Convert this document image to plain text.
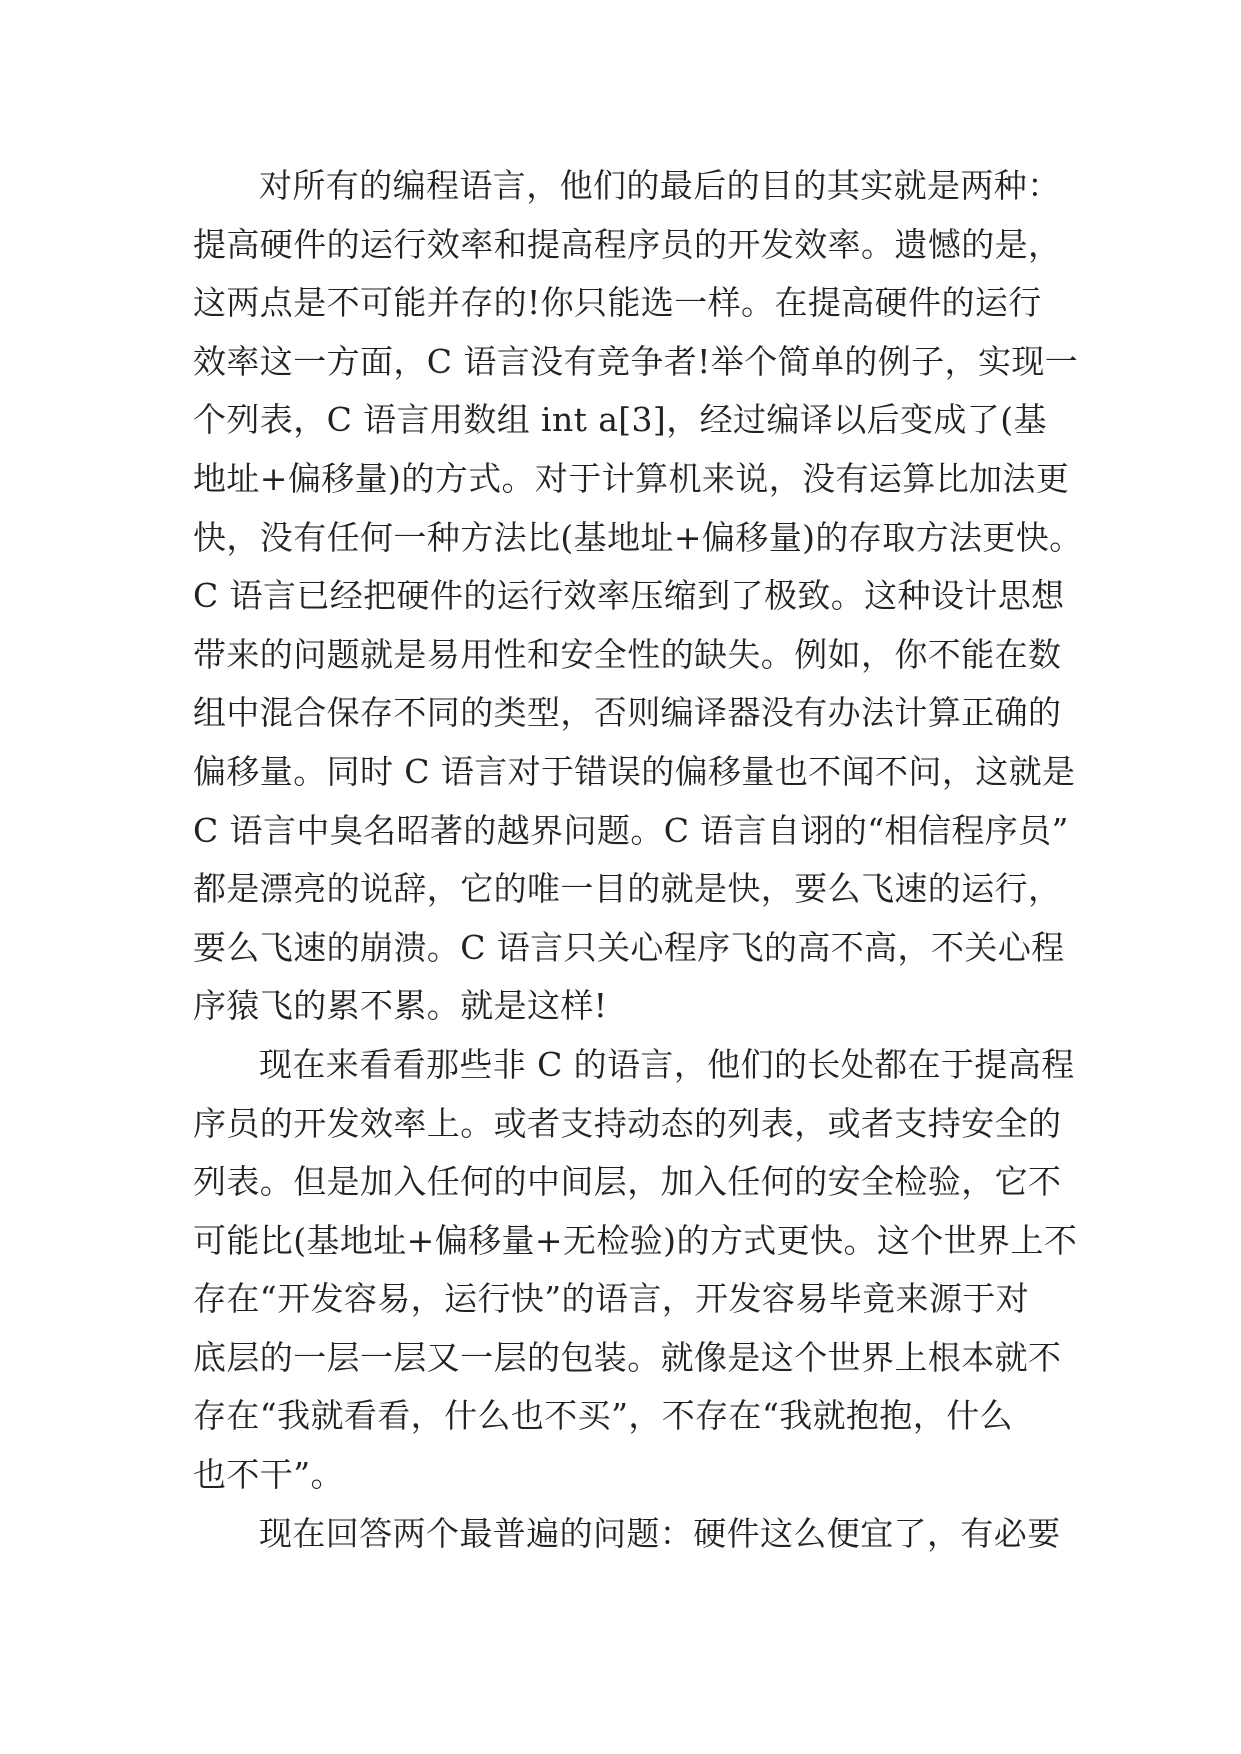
对所有的编程语言，他们的最后的目的其实就是两种：
提高硬件的运行效率和提高程序员的开发效率。遗憾的是，
这两点是不可能并存的!你只能选一样。在提高硬件的运行
效率这一方面，C 语言没有竞争者!举个简单的例子，实现一
个列表，C 语言用数组 int a[3]，经过编译以后变成了(基
地址+偏移量)的方式。对于计算机来说，没有运算比加法更
快，没有任何一种方法比(基地址+偏移量)的存取方法更快。
C 语言已经把硬件的运行效率压缩到了极致。这种设计思想
带来的问题就是易用性和安全性的缺失。例如，你不能在数
组中混合保存不同的类型，否则编译器没有办法计算正确的
偏移量。同时 C 语言对于错误的偏移量也不闻不问，这就是
C 语言中臭名昭著的越界问题。C 语言自诩的“相信程序员”
都是漂亮的说辞，它的唯一目的就是快，要么飞速的运行，
要么飞速的崩溃。C 语言只关心程序飞的高不高，不关心程
序猿飞的累不累。就是这样!
现在来看看那些非 C 的语言，他们的长处都在于提高程
序员的开发效率上。或者支持动态的列表，或者支持安全的
列表。但是加入任何的中间层，加入任何的安全检验，它不
可能比(基地址+偏移量+无检验)的方式更快。这个世界上不
存在“开发容易，运行快”的语言，开发容易毕竟来源于对
底层的一层一层又一层的包装。就像是这个世界上根本就不
存在“我就看看，什么也不买”，不存在“我就抱抱，什么
也不干”。
现在回答两个最普遍的问题：硬件这么便宜了，有必要
